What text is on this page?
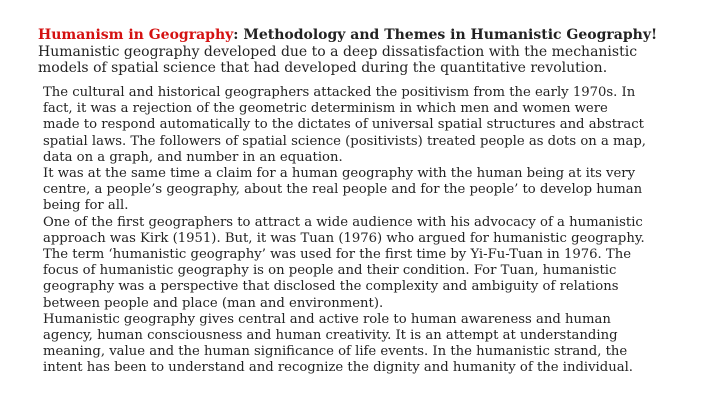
Humanism in Geography: Methodology and Themes in Humanistic Geography!
Humanistic geography developed due to a deep dissatisfaction with the mechanistic models of spatial science that had developed during the quantitative revolution.

The cultural and historical geographers attacked the positivism from the early 1970s. In fact, it was a rejection of the geometric determinism in which men and women were made to respond automatically to the dictates of universal spatial structures and abstract spatial laws. The followers of spatial science (positivists) treated people as dots on a map, data on a graph, and number in an equation.

It was at the same time a claim for a human geography with the human being at its very centre, a people’s geography, about the real people and for the people’ to develop human being for all.

One of the first geographers to attract a wide audience with his advocacy of a humanistic approach was Kirk (1951). But, it was Tuan (1976) who argued for humanistic geography. The term ‘humanistic geography’ was used for the first time by Yi-Fu-Tuan in 1976. The focus of humanistic geography is on people and their condition. For Tuan, humanistic geography was a perspective that disclosed the complexity and ambiguity of relations between people and place (man and environment).

Humanistic geography gives central and active role to human awareness and human agency, human consciousness and human creativity. It is an attempt at understanding meaning, value and the human significance of life events. In the humanistic strand, the intent has been to understand and recognize the dignity and humanity of the individual.
